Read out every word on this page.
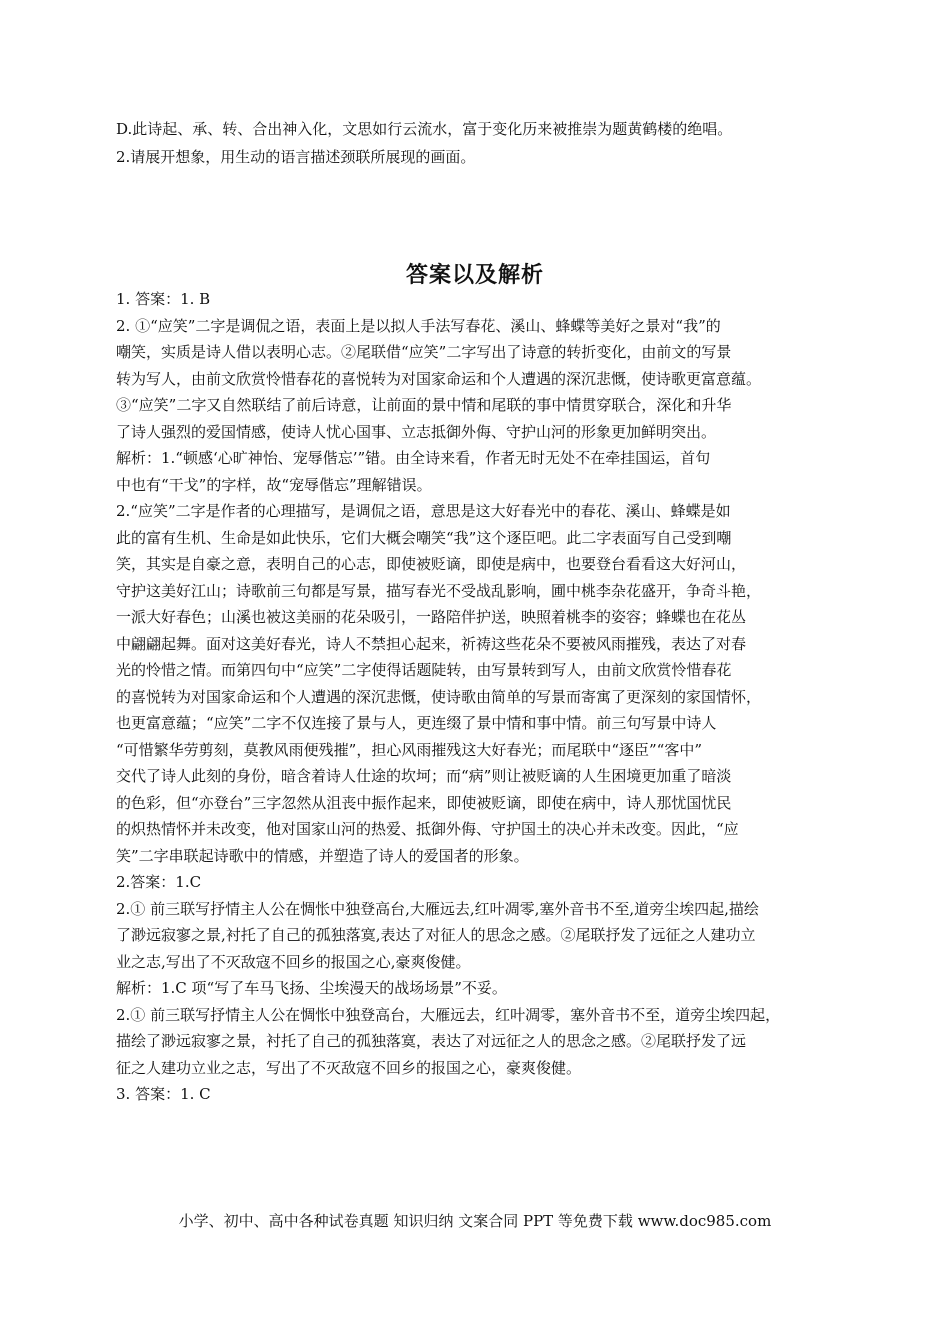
D.此诗起、承、转、合出神入化，文思如行云流水，富于变化历来被推崇为题黄鹤楼的绝唱。

2.请展开想象，用生动的语言描述颈联所展现的画面。

答案以及解析

1. 答案：1. B

2. ①“应笑”二字是调侃之语，表面上是以拟人手法写春花、溪山、蜂蝶等美好之景对“我”的

嘲笑，实质是诗人借以表明心志。②尾联借“应笑”二字写出了诗意的转折变化，由前文的写景

转为写人，由前文欣赏怜惜春花的喜悦转为对国家命运和个人遭遇的深沉悲慨，使诗歌更富意蕴。

③“应笑”二字又自然联结了前后诗意，让前面的景中情和尾联的事中情贯穿联合，深化和升华

了诗人强烈的爱国情感，使诗人忧心国事、立志抵御外侮、守护山河的形象更加鲜明突出。

解析：1.“顿感‘心旷神怡、宠辱偕忘’”错。由全诗来看，作者无时无处不在牵挂国运，首句

中也有“干戈”的字样，故“宠辱偕忘”理解错误。

2.“应笑”二字是作者的心理描写，是调侃之语，意思是这大好春光中的春花、溪山、蜂蝶是如

此的富有生机、生命是如此快乐，它们大概会嘲笑“我”这个逐臣吧。此二字表面写自己受到嘲

笑，其实是自豪之意，表明自己的心志，即使被贬谪，即使是病中，也要登台看看这大好河山，

守护这美好江山；诗歌前三句都是写景，描写春光不受战乱影响，圃中桃李杂花盛开，争奇斗艳，

一派大好春色；山溪也被这美丽的花朵吸引，一路陪伴护送，映照着桃李的姿容；蜂蝶也在花丛

中翩翩起舞。面对这美好春光，诗人不禁担心起来，祈祷这些花朵不要被风雨摧残，表达了对春

光的怜惜之情。而第四句中“应笑”二字使得话题陡转，由写景转到写人，由前文欣赏怜惜春花

的喜悦转为对国家命运和个人遭遇的深沉悲慨，使诗歌由简单的写景而寄寓了更深刻的家国情怀，

也更富意蕴；“应笑”二字不仅连接了景与人，更连缀了景中情和事中情。前三句写景中诗人

“可惜繁华劳剪刻，莫教风雨便残摧”，担心风雨摧残这大好春光；而尾联中“逐臣”“客中”

交代了诗人此刻的身份，暗含着诗人仕途的坎坷；而“病”则让被贬谪的人生困境更加重了暗淡

的色彩，但“亦登台”三字忽然从沮丧中振作起来，即使被贬谪，即使在病中，诗人那忧国忧民

的炽热情怀并未改变，他对国家山河的热爱、抵御外侮、守护国土的决心并未改变。因此，“应

笑”二字串联起诗歌中的情感，并塑造了诗人的爱国者的形象。

2.答案：1.C

2.① 前三联写抒情主人公在惆怅中独登高台,大雁远去,红叶凋零,塞外音书不至,道旁尘埃四起,描绘

了渺远寂寥之景,衬托了自己的孤独落寞,表达了对征人的思念之感。②尾联抒发了远征之人建功立

业之志,写出了不灭敌寇不回乡的报国之心,豪爽俊健。

解析：1.C 项“写了车马飞扬、尘埃漫天的战场场景”不妥。

2.① 前三联写抒情主人公在惆怅中独登高台，大雁远去，红叶凋零，塞外音书不至，道旁尘埃四起，

描绘了渺远寂寥之景，衬托了自己的孤独落寞，表达了对远征之人的思念之感。②尾联抒发了远

征之人建功立业之志，写出了不灭敌寇不回乡的报国之心，豪爽俊健。

3. 答案：1. C

小学、初中、高中各种试卷真题 知识归纳 文案合同 PPT 等免费下载 www.doc985.com
